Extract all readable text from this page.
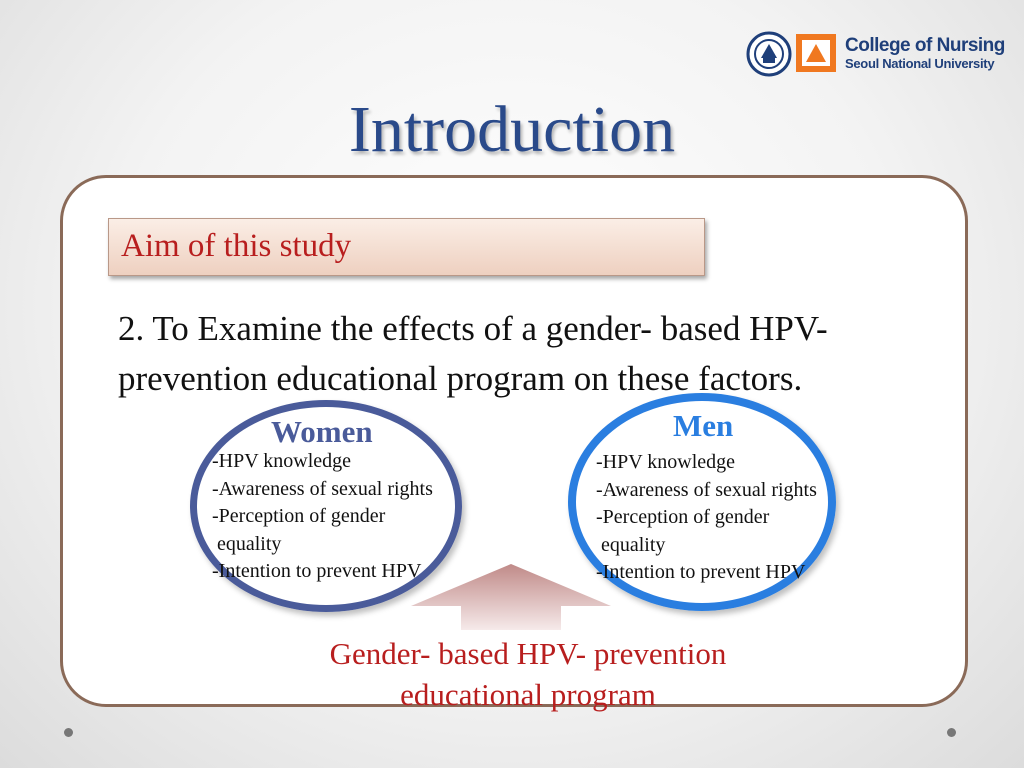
College of Nursing
Seoul National University
Introduction
Aim of this study
2. To Examine the effects of a gender- based HPV-
prevention educational program on these factors.
Women
-HPV knowledge
-Awareness of sexual rights
-Perception of gender
equality
-Intention to prevent HPV
Men
-HPV knowledge
-Awareness of sexual rights
-Perception of gender
equality
-Intention to prevent HPV
Gender- based HPV- prevention
educational program
